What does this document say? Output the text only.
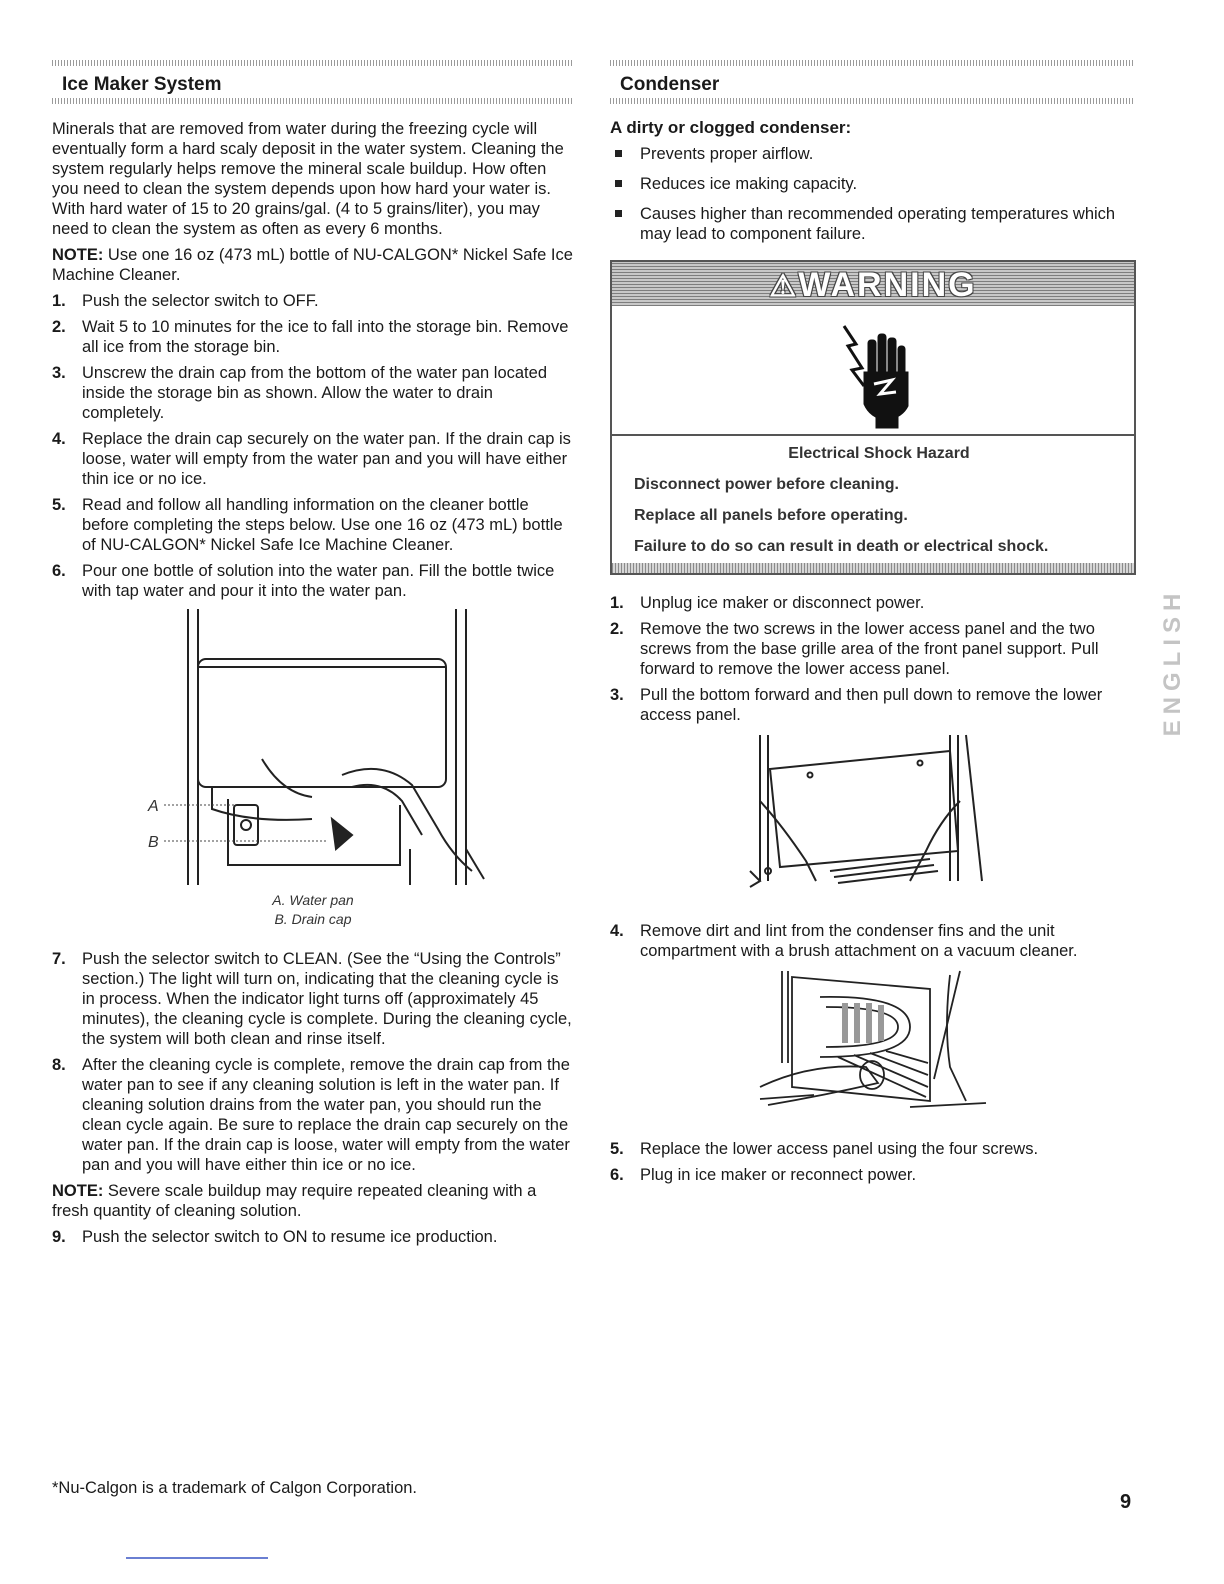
Ice Maker System

Minerals that are removed from water during the freezing cycle will eventually form a hard scaly deposit in the water system. Cleaning the system regularly helps remove the mineral scale buildup. How often you need to clean the system depends upon how hard your water is. With hard water of 15 to 20 grains/gal. (4 to 5 grains/liter), you may need to clean the system as often as every 6 months.

NOTE: Use one 16 oz (473 mL) bottle of NU-CALGON* Nickel Safe Ice Machine Cleaner.

1. Push the selector switch to OFF.
2. Wait 5 to 10 minutes for the ice to fall into the storage bin. Remove all ice from the storage bin.
3. Unscrew the drain cap from the bottom of the water pan located inside the storage bin as shown. Allow the water to drain completely.
4. Replace the drain cap securely on the water pan. If the drain cap is loose, water will empty from the water pan and you will have either thin ice or no ice.
5. Read and follow all handling information on the cleaner bottle before completing the steps below. Use one 16 oz (473 mL) bottle of NU-CALGON* Nickel Safe Ice Machine Cleaner.
6. Pour one bottle of solution into the water pan. Fill the bottle twice with tap water and pour it into the water pan.
A
B
A. Water pan
B. Drain cap
7. Push the selector switch to CLEAN. (See the “Using the Controls” section.) The light will turn on, indicating that the cleaning cycle is in process. When the indicator light turns off (approximately 45 minutes), the cleaning cycle is complete. During the cleaning cycle, the system will both clean and rinse itself.
8. After the cleaning cycle is complete, remove the drain cap from the water pan to see if any cleaning solution is left in the water pan. If cleaning solution drains from the water pan, you should run the clean cycle again. Be sure to replace the drain cap securely on the water pan. If the drain cap is loose, water will empty from the water pan and you will have either thin ice or no ice.

NOTE: Severe scale buildup may require repeated cleaning with a fresh quantity of cleaning solution.

9. Push the selector switch to ON to resume ice production.
Condenser
A dirty or clogged condenser:
Prevents proper airflow.
Reduces ice making capacity.
Causes higher than recommended operating temperatures which may lead to component failure.
⚠WARNING

Electrical Shock Hazard

Disconnect power before cleaning.

Replace all panels before operating.

Failure to do so can result in death or electrical shock.

1. Unplug ice maker or disconnect power.
2. Remove the two screws in the lower access panel and the two screws from the base grille area of the front panel support. Pull forward to remove the lower access panel.
3. Pull the bottom forward and then pull down to remove the lower access panel.
4. Remove dirt and lint from the condenser fins and the unit compartment with a brush attachment on a vacuum cleaner.
5. Replace the lower access panel using the four screws.
6. Plug in ice maker or reconnect power.
ENGLISH
*Nu-Calgon is a trademark of Calgon Corporation.
9
